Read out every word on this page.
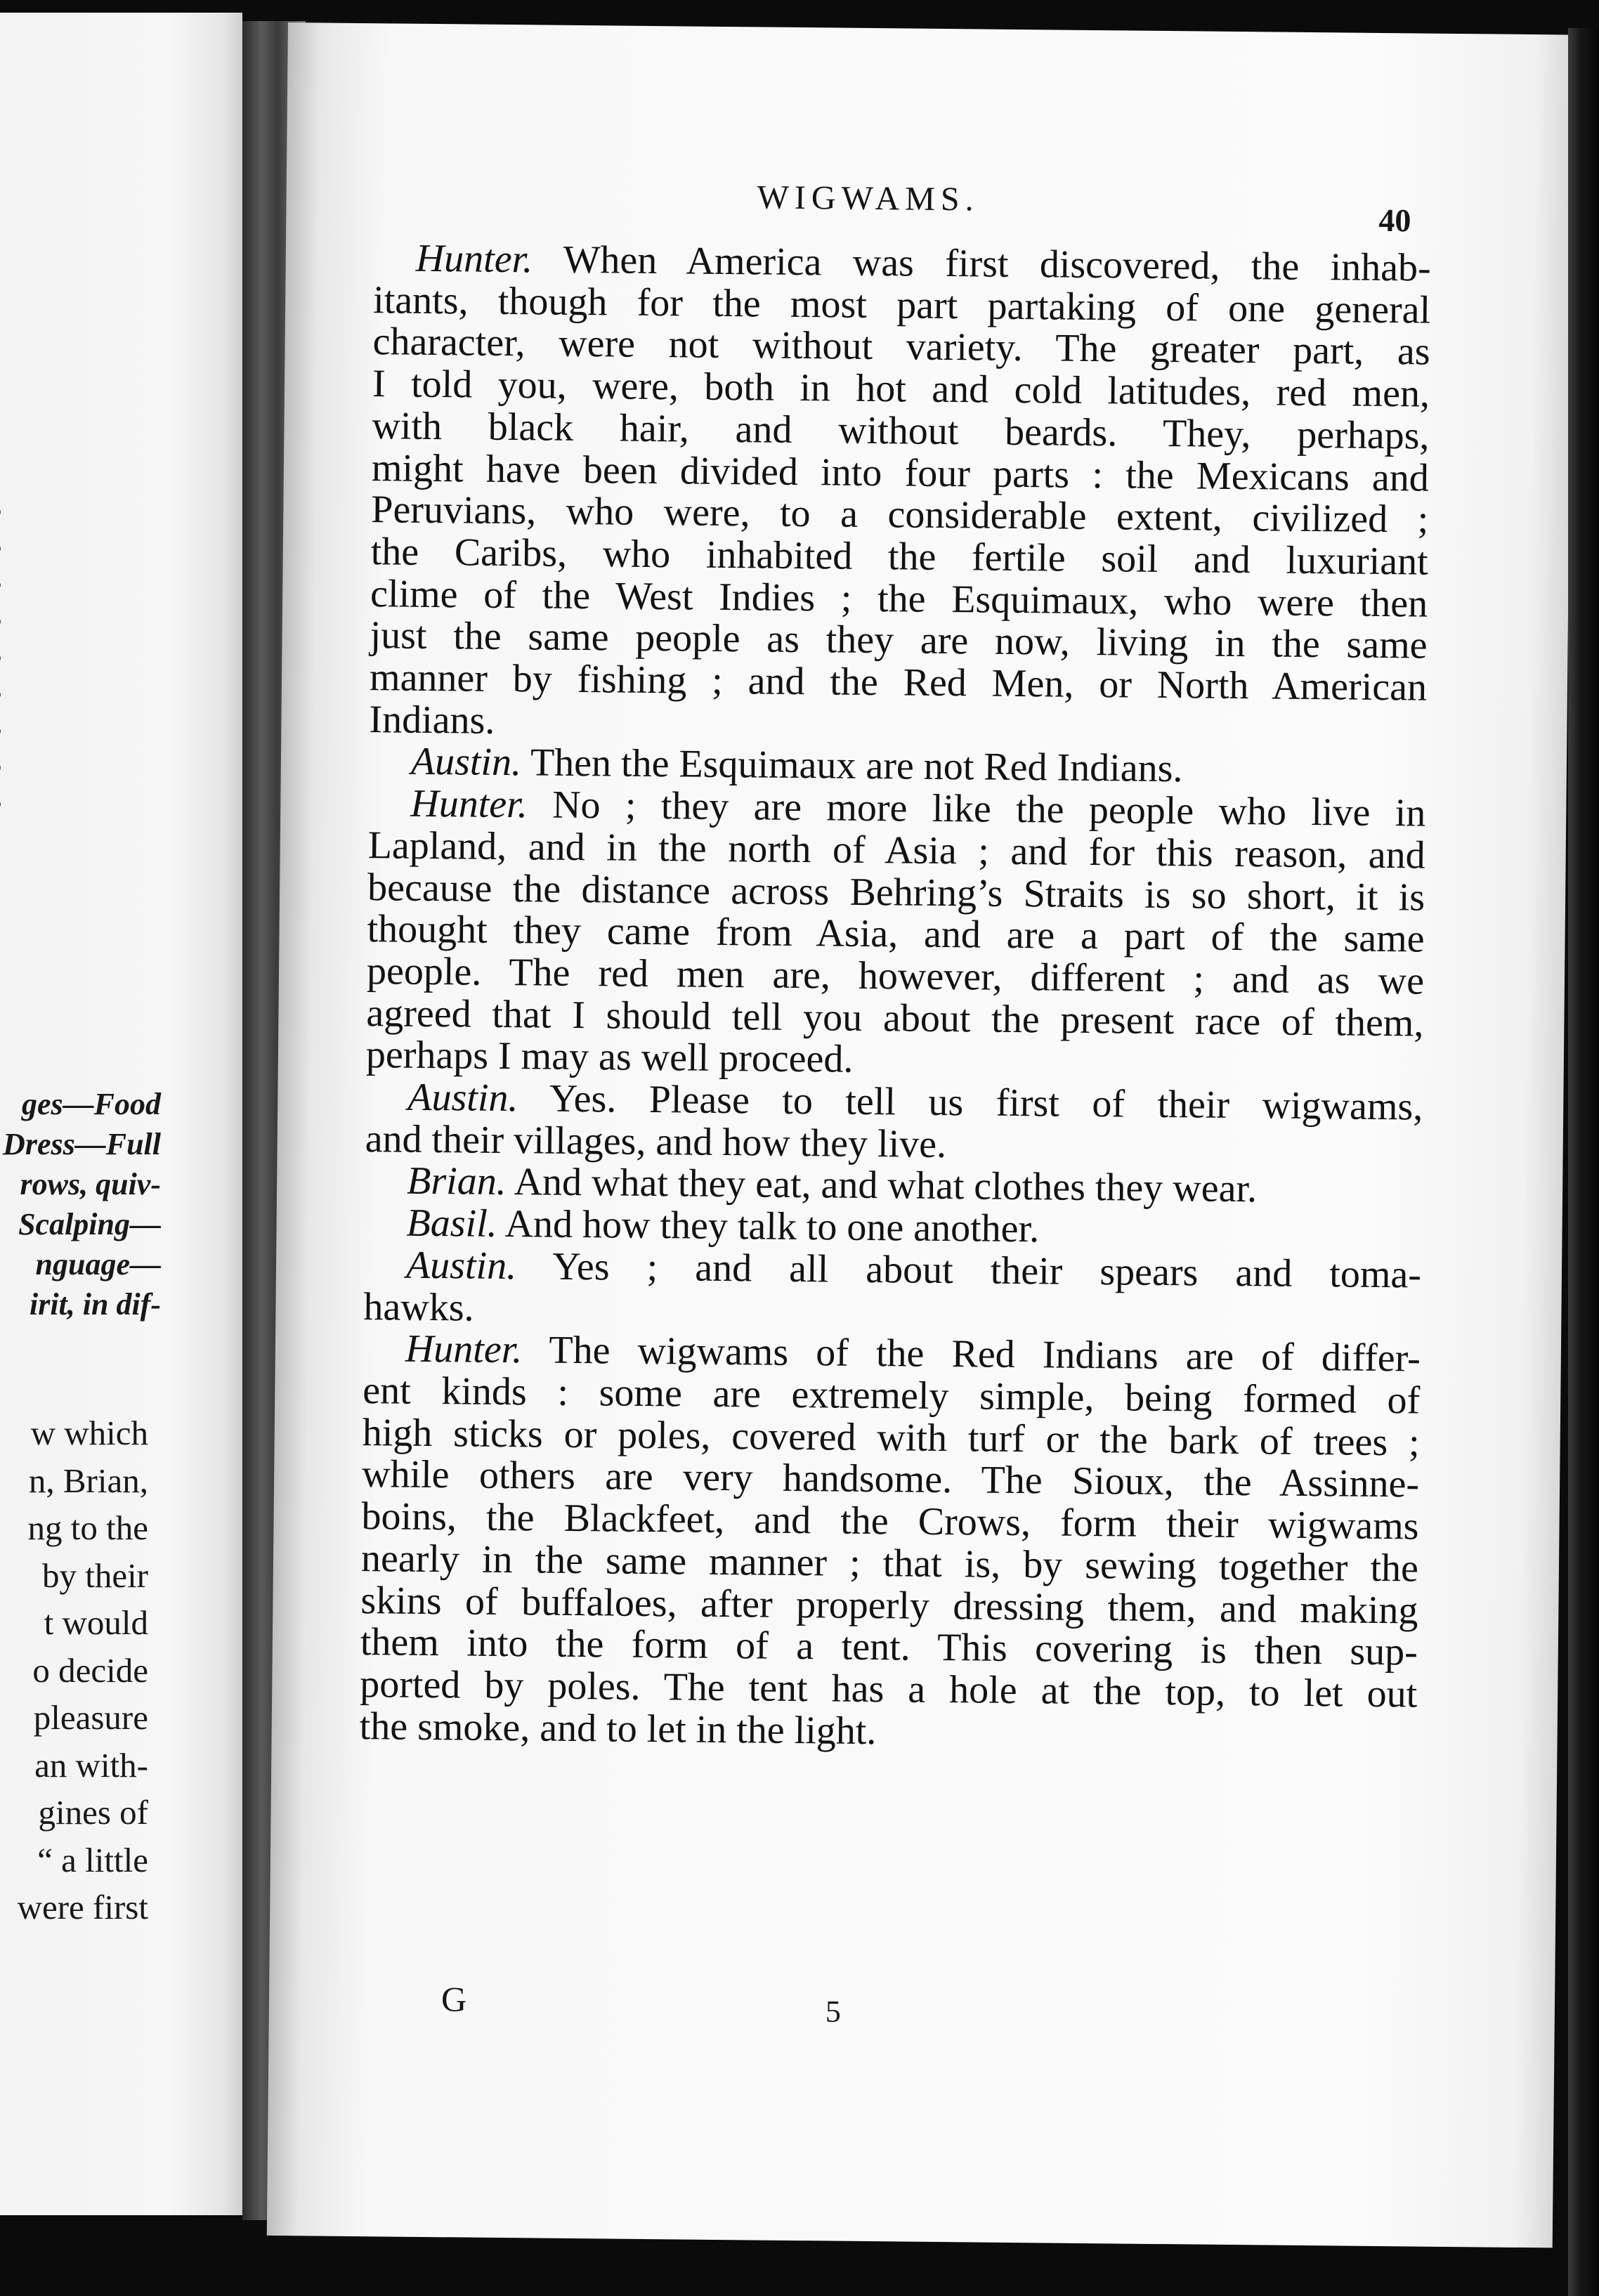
ges—Food
Dress—Full
rows, quiv-
Scalping—
nguage—
irit, in dif-
w which
n, Brian,
ng to the
by their
t would
o decide
pleasure
an with-
gines of
“ a little
were first
WIGWAMS.
40
Hunter. When America was first discovered, the inhab-
itants, though for the most part partaking of one general
character, were not without variety. The greater part, as
I told you, were, both in hot and cold latitudes, red men,
with black hair, and without beards. They, perhaps,
might have been divided into four parts : the Mexicans and
Peruvians, who were, to a considerable extent, civilized ;
the Caribs, who inhabited the fertile soil and luxuriant
clime of the West Indies ; the Esquimaux, who were then
just the same people as they are now, living in the same
manner by fishing ; and the Red Men, or North American
Indians.
Austin. Then the Esquimaux are not Red Indians.
Hunter. No ; they are more like the people who live in
Lapland, and in the north of Asia ; and for this reason, and
because the distance across Behring’s Straits is so short, it is
thought they came from Asia, and are a part of the same
people. The red men are, however, different ; and as we
agreed that I should tell you about the present race of them,
perhaps I may as well proceed.
Austin. Yes. Please to tell us first of their wigwams,
and their villages, and how they live.
Brian. And what they eat, and what clothes they wear.
Basil. And how they talk to one another.
Austin. Yes ; and all about their spears and toma-
hawks.
Hunter. The wigwams of the Red Indians are of differ-
ent kinds : some are extremely simple, being formed of
high sticks or poles, covered with turf or the bark of trees ;
while others are very handsome. The Sioux, the Assinne-
boins, the Blackfeet, and the Crows, form their wigwams
nearly in the same manner ; that is, by sewing together the
skins of buffaloes, after properly dressing them, and making
them into the form of a tent. This covering is then sup-
ported by poles. The tent has a hole at the top, to let out
the smoke, and to let in the light.
G	5
